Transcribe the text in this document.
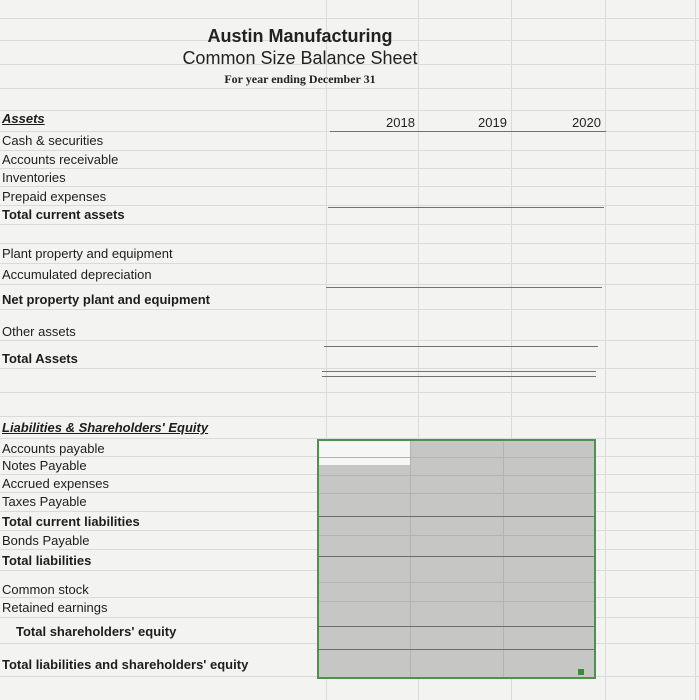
Austin Manufacturing
Common Size Balance Sheet
For year ending December 31
2018	2019	2020
Assets
Cash & securities
Accounts receivable
Inventories
Prepaid expenses
Total current assets
Plant property and equipment
Accumulated depreciation
Net property plant and equipment
Other assets
Total Assets
Liabilities & Shareholders' Equity
Accounts payable
Notes Payable
Accrued expenses
Taxes Payable
Total current liabilities
Bonds Payable
Total liabilities
Common stock
Retained earnings
Total shareholders' equity
Total liabilities and shareholders' equity
